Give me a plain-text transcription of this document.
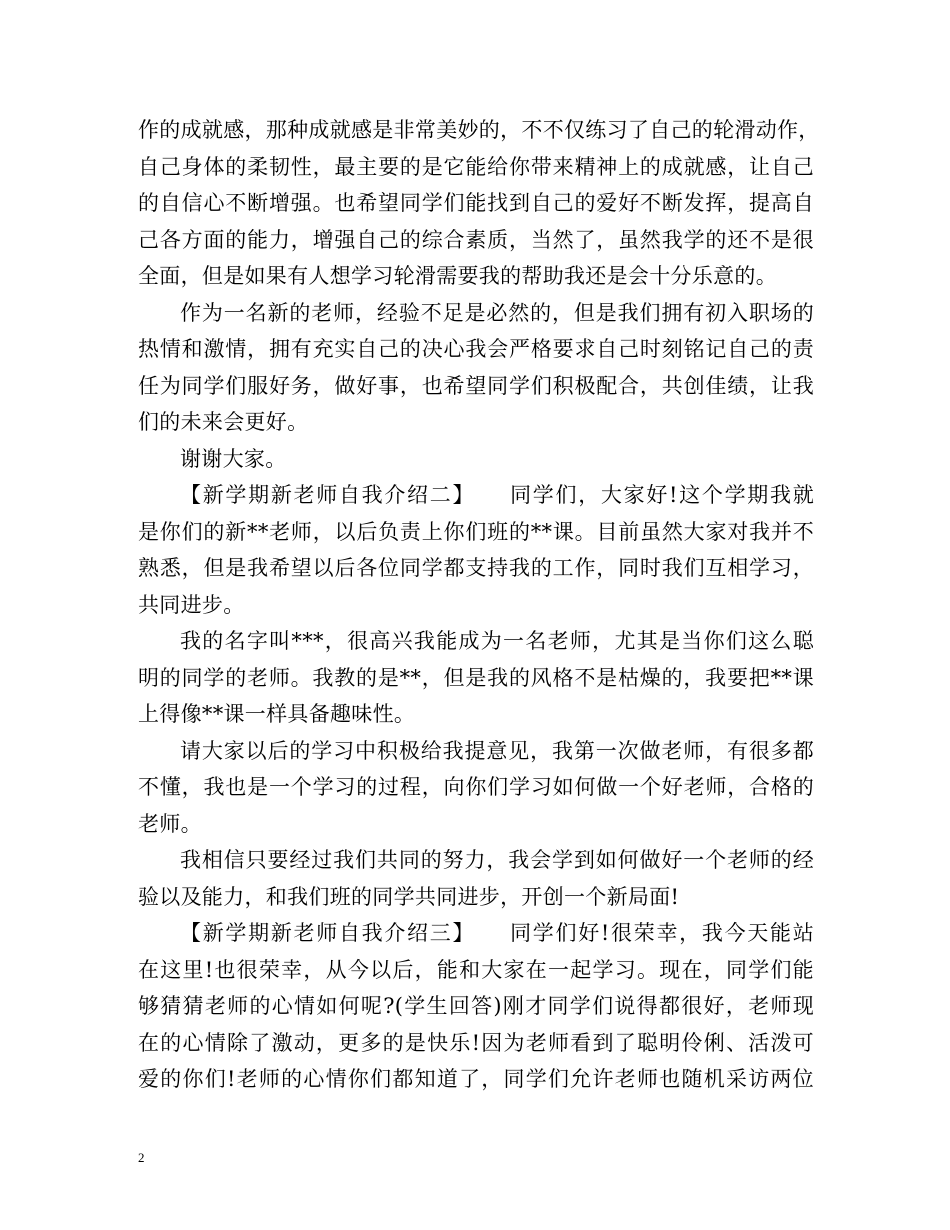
作的成就感，那种成就感是非常美妙的，不不仅练习了自己的轮滑动作，
自己身体的柔韧性，最主要的是它能给你带来精神上的成就感，让自己
的自信心不断增强。也希望同学们能找到自己的爱好不断发挥，提高自
己各方面的能力，增强自己的综合素质，当然了，虽然我学的还不是很
全面，但是如果有人想学习轮滑需要我的帮助我还是会十分乐意的。
作为一名新的老师，经验不足是必然的，但是我们拥有初入职场的
热情和激情，拥有充实自己的决心我会严格要求自己时刻铭记自己的责
任为同学们服好务，做好事，也希望同学们积极配合，共创佳绩，让我
们的未来会更好。
谢谢大家。
【新学期新老师自我介绍二】　　同学们，大家好!这个学期我就
是你们的新**老师，以后负责上你们班的**课。目前虽然大家对我并不
熟悉，但是我希望以后各位同学都支持我的工作，同时我们互相学习，
共同进步。
我的名字叫***，很高兴我能成为一名老师，尤其是当你们这么聪
明的同学的老师。我教的是**，但是我的风格不是枯燥的，我要把**课
上得像**课一样具备趣味性。
请大家以后的学习中积极给我提意见，我第一次做老师，有很多都
不懂，我也是一个学习的过程，向你们学习如何做一个好老师，合格的
老师。
我相信只要经过我们共同的努力，我会学到如何做好一个老师的经
验以及能力，和我们班的同学共同进步，开创一个新局面!
【新学期新老师自我介绍三】　　同学们好!很荣幸，我今天能站
在这里!也很荣幸，从今以后，能和大家在一起学习。现在，同学们能
够猜猜老师的心情如何呢?(学生回答)刚才同学们说得都很好，老师现
在的心情除了激动，更多的是快乐!因为老师看到了聪明伶俐、活泼可
爱的你们!老师的心情你们都知道了，同学们允许老师也随机采访两位
2
